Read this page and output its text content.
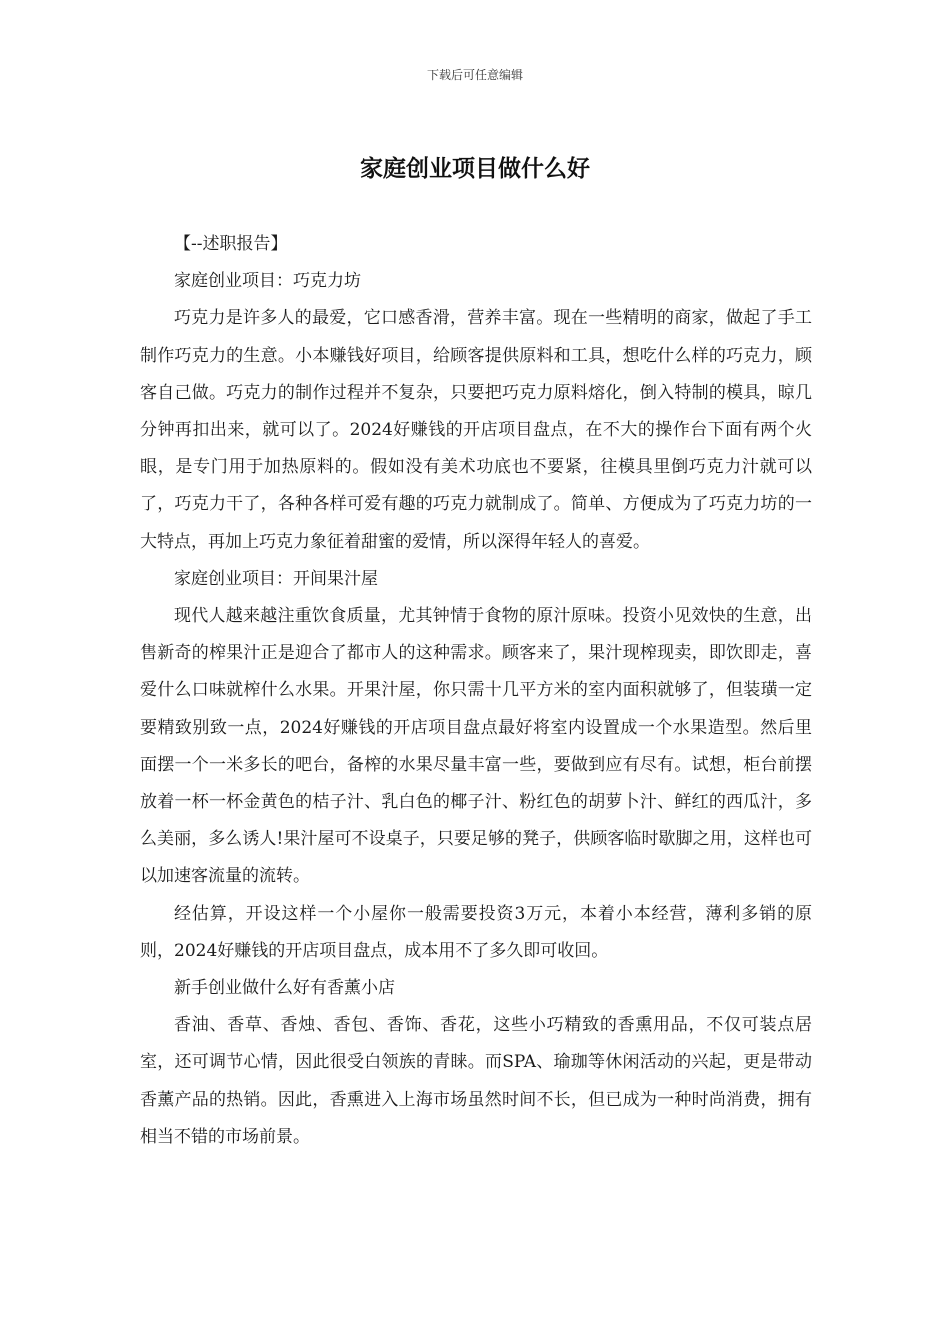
下载后可任意编辑
家庭创业项目做什么好

【--述职报告】

家庭创业项目：巧克力坊

巧克力是许多人的最爱，它口感香滑，营养丰富。现在一些精明的商家，做起了手工制作巧克力的生意。小本赚钱好项目，给顾客提供原料和工具，想吃什么样的巧克力，顾客自己做。巧克力的制作过程并不复杂，只要把巧克力原料熔化，倒入特制的模具，晾几分钟再扣出来，就可以了。2024好赚钱的开店项目盘点，在不大的操作台下面有两个火眼，是专门用于加热原料的。假如没有美术功底也不要紧，往模具里倒巧克力汁就可以了，巧克力干了，各种各样可爱有趣的巧克力就制成了。简单、方便成为了巧克力坊的一大特点，再加上巧克力象征着甜蜜的爱情，所以深得年轻人的喜爱。

家庭创业项目：开间果汁屋

现代人越来越注重饮食质量，尤其钟情于食物的原汁原味。投资小见效快的生意，出售新奇的榨果汁正是迎合了都市人的这种需求。顾客来了，果汁现榨现卖，即饮即走，喜爱什么口味就榨什么水果。开果汁屋，你只需十几平方米的室内面积就够了，但装璜一定要精致别致一点，2024好赚钱的开店项目盘点最好将室内设置成一个水果造型。然后里面摆一个一米多长的吧台，备榨的水果尽量丰富一些，要做到应有尽有。试想，柜台前摆放着一杯一杯金黄色的桔子汁、乳白色的椰子汁、粉红色的胡萝卜汁、鲜红的西瓜汁，多么美丽，多么诱人!果汁屋可不设桌子，只要足够的凳子，供顾客临时歇脚之用，这样也可以加速客流量的流转。

经估算，开设这样一个小屋你一般需要投资3万元，本着小本经营，薄利多销的原则，2024好赚钱的开店项目盘点，成本用不了多久即可收回。

新手创业做什么好有香薰小店

香油、香草、香烛、香包、香饰、香花，这些小巧精致的香熏用品，不仅可装点居室，还可调节心情，因此很受白领族的青睐。而SPA、瑜珈等休闲活动的兴起，更是带动香薰产品的热销。因此，香熏进入上海市场虽然时间不长，但已成为一种时尚消费，拥有相当不错的市场前景。
